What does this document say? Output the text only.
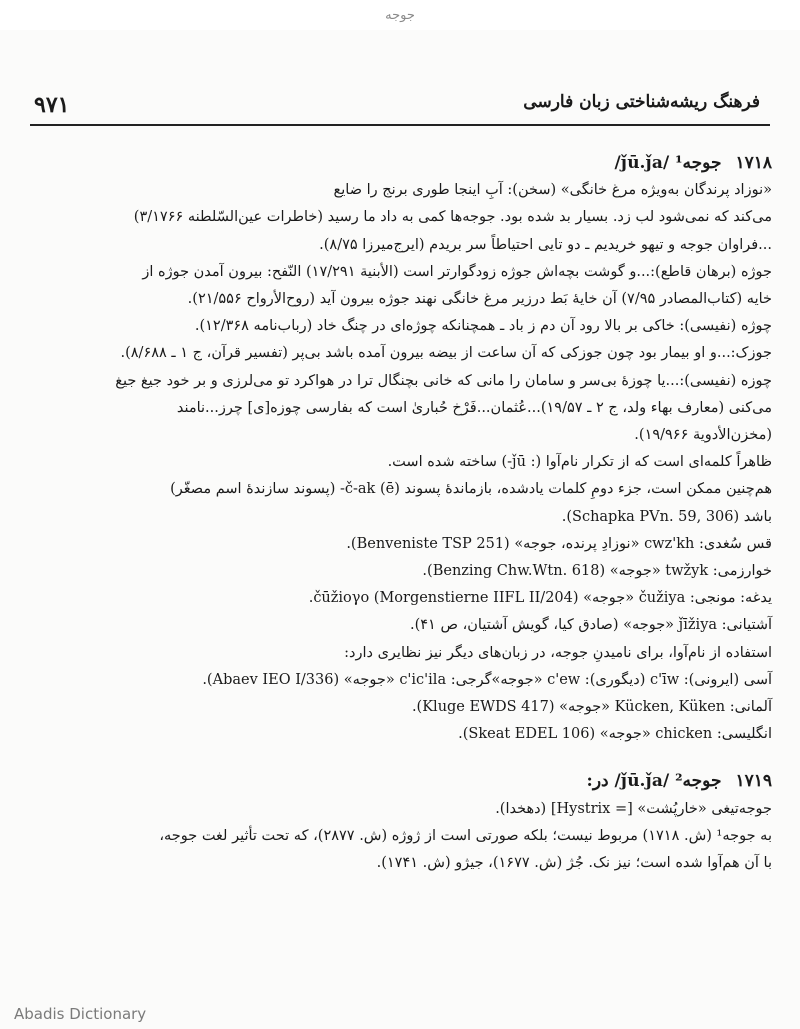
جوجه
۹۷۱	فرهنگ ریشه‌شناختی زبان فارسی
۱۷۱۸
جوجه¹ /ǰū.ǰa/

«نوزاد پرندگان به‌ویژه مرغ خانگی» (سخن): آبِ اینجا طوری برنج را ضایع

می‌کند که نمی‌شود لب زد. بسیار بد شده بود. جوجه‌ها کمی به داد ما رسید (خاطرات عین‌السّلطنه ۳/۱۷۶۶)

...فراوان جوجه و تیهو خریدیم ـ دو تایی احتیاطاً سر بریدم (ایرج‌میرزا ۸/۷۵).

جوژه (برهان قاطع):...و گوشت بچه‌اش جوژه زودگوارتر است (الأبنیة ۱۷/۲۹۱) النّفح: بیرون آمدن جوژه از

خایه (کتاب‌المصادر ۷/۹۵) آن خایهٔ بَط درزیر مرغ خانگی نهند جوژه بیرون آید (روح‌الأرواح ۲۱/۵۵۶).

چوژه (نفیسی): خاکی بر بالا رود آن دم ز باد ـ همچنانکه چوژه‌ای در چنگ خاد (رباب‌نامه ۱۲/۳۶۸).

جوزک:...و او بیمار بود چون جوزکی که آن ساعت از بیضه بیرون آمده باشد بی‌پر (تفسیر قرآن، ج ۱ ـ ۸/۶۸۸).

چوزه (نفیسی):...یا چوزهٔ بی‌سر و سامان را مانی که خانی بچنگال ترا در هواکرد تو می‌لرزی و بر خود جیغ جیغ

می‌کنی (معارف بهاء ولد، ج ۲ ـ ۱۹/۵۷)...عُثمان...فَرْخ حُباریٰ است که بفارسی چوزه[ی] چرز...نامند

(مخزن‌الأدویة ۱۹/۹۶۶).

ظاهراً کلمه‌ای است که از تکرار نام‌آوا (: ǰū-) ساخته شده است.

هم‌چنین ممکن است، جزء دومِ کلمات یادشده، بازماندهٔ پسوند č-ak (ē)- (پسوند سازندهٔ اسم مصغّر)

باشد (Schapka PVn. 59, 306).

قس سُغدی: cwz'kh «نوزادِ پرنده، جوجه» (Benveniste TSP 251).

خوارزمی: twžyk «جوجه» (Benzing Chw.Wtn. 618).

یدغه: مونجی: čužiya «جوجه» čūžioγo (Morgenstierne IIFL II/204).

آشتیانی: ǰīžiya «جوجه» (صادق کیا، گویش آشتیان، ص ۴۱).

استفاده از نام‌آوا، برای نامیدنِ جوجه، در زبان‌های دیگر نیز نظایری دارد:

آسی (ایرونی): c'īw (دیگوری): c'ew «جوجه»گرجی: c'ic'ila «جوجه» (Abaev IEO I/336).

آلمانی: Kücken, Küken «جوجه» (Kluge EWDS 417).

انگلیسی: chicken «جوجه» (Skeat EDEL 106).

۱۷۱۹
جوجه² /ǰū.ǰa/ در:

جوجه‌تیغی «خارپُشت» [= Hystrix] (دهخدا).

به جوجه¹ (ش. ۱۷۱۸) مربوط نیست؛ بلکه صورتی است از ژوژه (ش. ۲۸۷۷)، که تحت تأثیر لغت جوجه،

با آن هم‌آوا شده است؛ نیز نک. جُژ (ش. ۱۶۷۷)، جیژو (ش. ۱۷۴۱).

Abadis Dictionary
